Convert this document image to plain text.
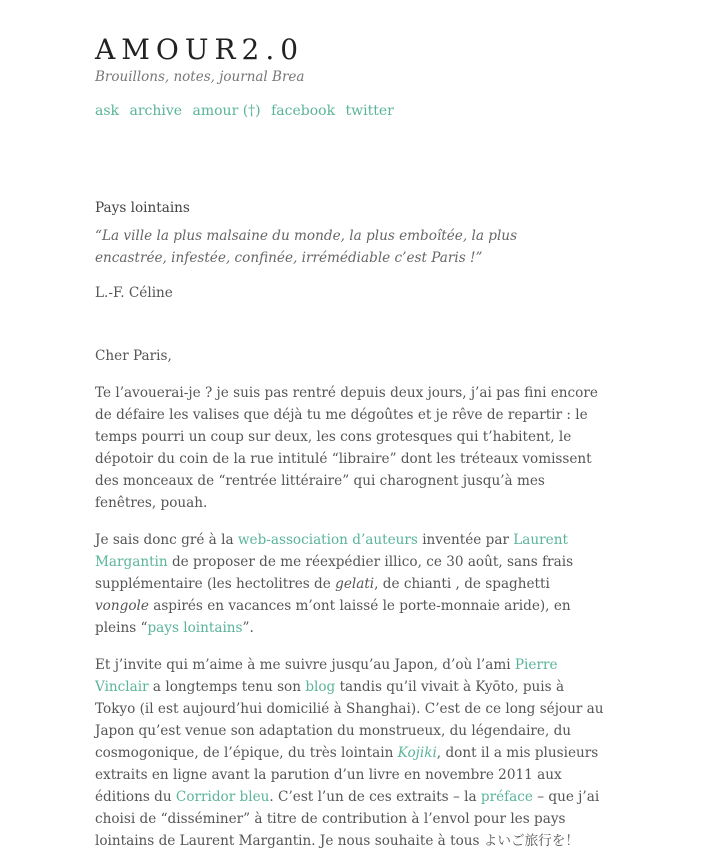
AMOUR2.0

Brouillons, notes, journal Brea

ask archive amour (†) facebook twitter
Pays lointains

“La ville la plus malsaine du monde, la plus emboîtée, la plus encastrée, infestée, confinée, irrémédiable c’est Paris !”

L.-F. Céline

Cher Paris,

Te l’avouerai-je ? je suis pas rentré depuis deux jours, j’ai pas fini encore de défaire les valises que déjà tu me dégoûtes et je rêve de repartir : le temps pourri un coup sur deux, les cons grotesques qui t’habitent, le dépotoir du coin de la rue intitulé “libraire” dont les tréteaux vomissent des monceaux de “rentrée littéraire” qui charognent jusqu’à mes fenêtres, pouah.

Je sais donc gré à la web-association d’auteurs inventée par Laurent Margantin de proposer de me réexpédier illico, ce 30 août, sans frais supplémentaire (les hectolitres de gelati, de chianti , de spaghetti vongole aspirés en vacances m’ont laissé le porte-monnaie aride), en pleins “pays lointains”.

Et j’invite qui m’aime à me suivre jusqu’au Japon, d’où l’ami Pierre Vinclair a longtemps tenu son blog tandis qu’il vivait à Kyōto, puis à Tokyo (il est aujourd’hui domicilié à Shanghai). C’est de ce long séjour au Japon qu’est venue son adaptation du monstrueux, du légendaire, du cosmogonique, de l’épique, du très lointain Kojiki, dont il a mis plusieurs extraits en ligne avant la parution d’un livre en novembre 2011 aux éditions du Corridor bleu. C’est l’un de ces extraits – la préface – que j’ai choisi de “disséminer” à titre de contribution à l’envol pour les pays lointains de Laurent Margantin. Je nous souhaite à tous よいご旅行を！
